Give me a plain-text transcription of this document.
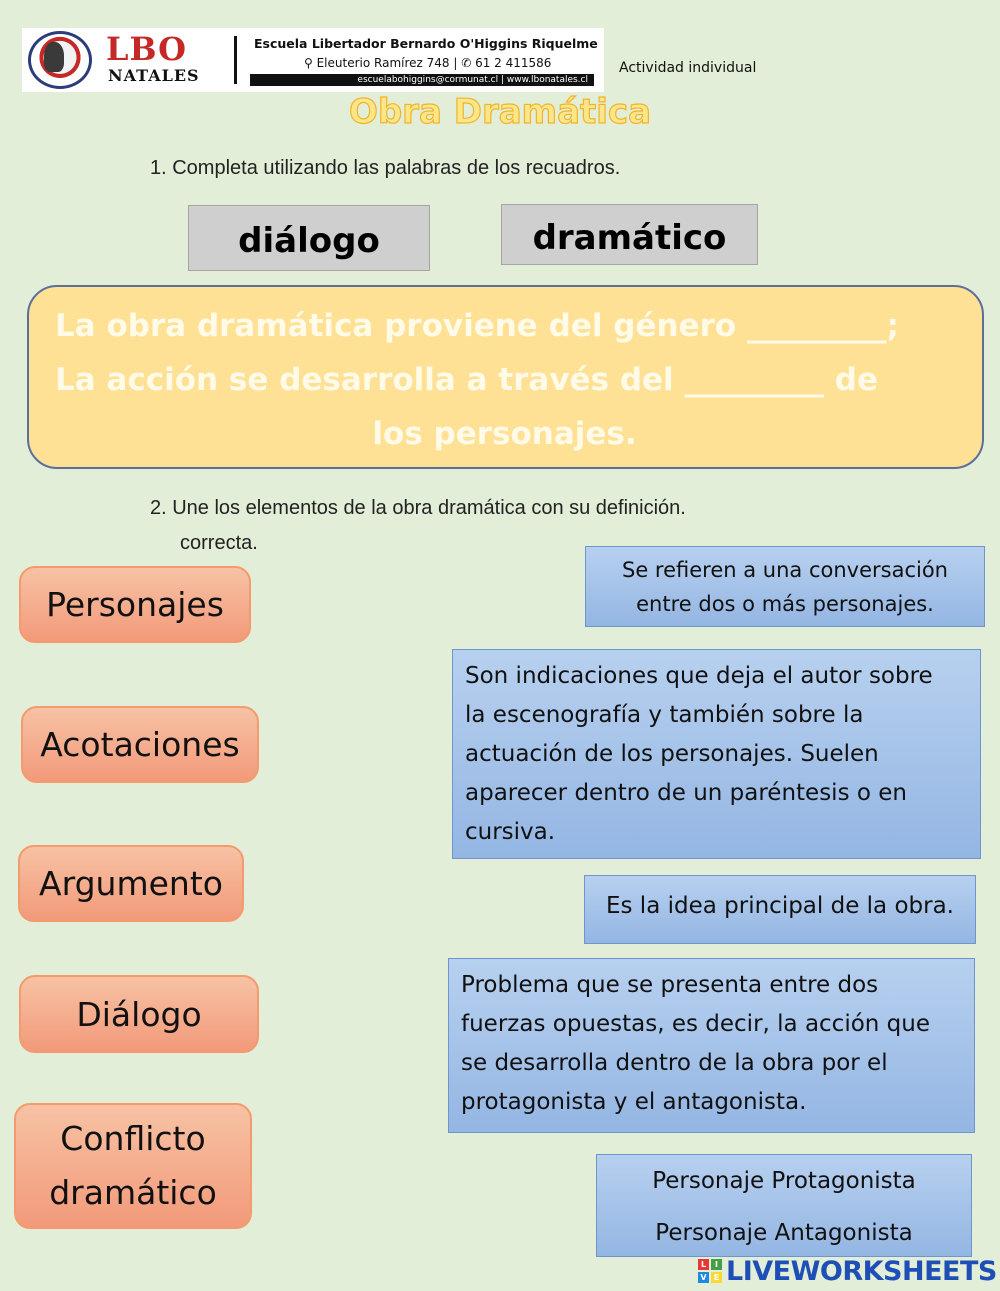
LBO
NATALES
Escuela Libertador Bernardo O'Higgins Riquelme
⚲ Eleuterio Ramírez 748 | ✆ 61 2 411586
escuelabohiggins@cormunat.cl | www.lbonatales.cl
Actividad individual
Obra Dramática
1. Completa utilizando las palabras de los recuadros.
diálogo	dramático
La obra dramática proviene del género _________;
La acción se desarrolla a través del _________ de
los personajes.
2. Une los elementos de la obra dramática con su definición.
correcta.
Personajes
Acotaciones
Argumento
Diálogo
Conflicto
dramático
Se refieren a una conversación
entre dos o más personajes.
Son indicaciones que deja el autor sobre
la escenografía y también sobre la
actuación de los personajes. Suelen
aparecer dentro de un paréntesis o en
cursiva.
Es la idea principal de la obra.
Problema que se presenta entre dos
fuerzas opuestas, es decir, la acción que
se desarrolla dentro de la obra por el
protagonista y el antagonista.
Personaje Protagonista
Personaje Antagonista
L	I
V E LIVEWORKSHEETS
